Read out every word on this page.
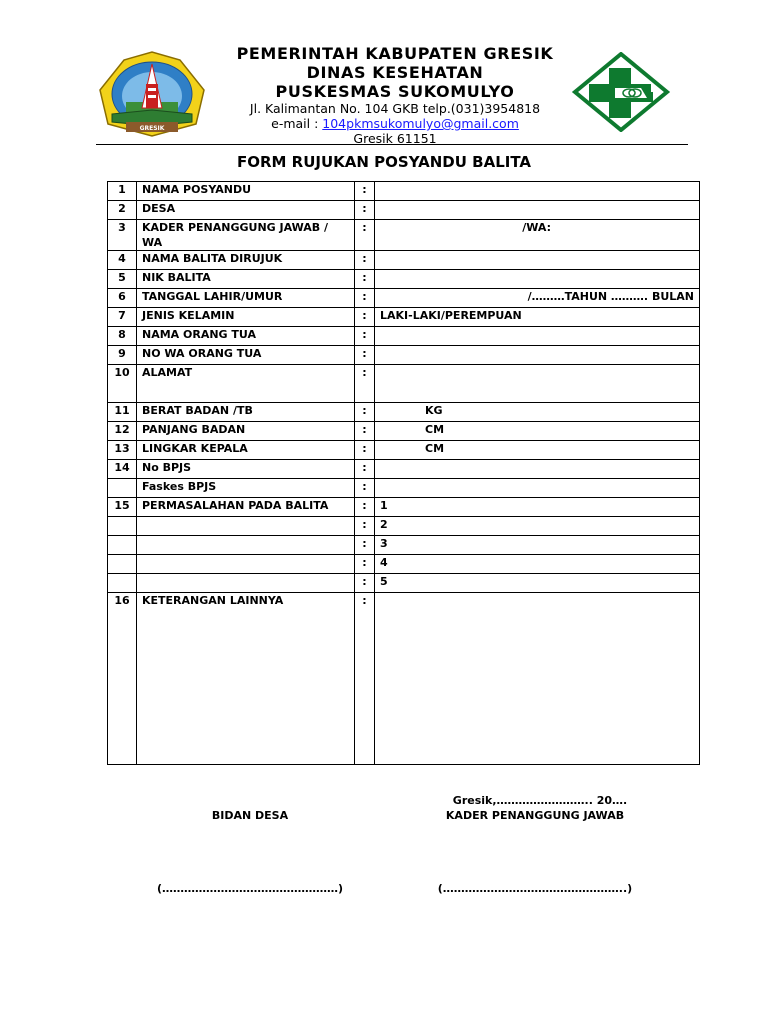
GRESIK
PEMERINTAH KABUPATEN GRESIK
DINAS KESEHATAN
PUSKESMAS SUKOMULYO
Jl. Kalimantan No. 104 GKB telp.(031)3954818
e-mail : 104pkmsukomulyo@gmail.com
Gresik 61151
FORM RUJUKAN POSYANDU BALITA
1	NAMA POSYANDU	:	
2	DESA	:	
3	KADER PENANGGUNG JAWAB / WA	:	/WA:
4	NAMA BALITA DIRUJUK	:	
5	NIK BALITA	:	
6	TANGGAL LAHIR/UMUR	:	/………TAHUN ………. BULAN
7	JENIS KELAMIN	:	LAKI-LAKI/PEREMPUAN
8	NAMA ORANG TUA	:	
9	NO WA ORANG TUA	:	
10	ALAMAT	:	
11	BERAT BADAN /TB	:	KG
12	PANJANG BADAN	:	CM
13	LINGKAR KEPALA	:	CM
14	No BPJS	:	
	Faskes BPJS	:	
15	PERMASALAHAN PADA BALITA	:	1
		:	2
		:	3
		:	4
		:	5
16	KETERANGAN LAINNYA	:	
Gresik,…………………….. 20….
BIDAN DESA	KADER PENANGGUNG JAWAB
(…………………………………………)	(…………………………………………..)
